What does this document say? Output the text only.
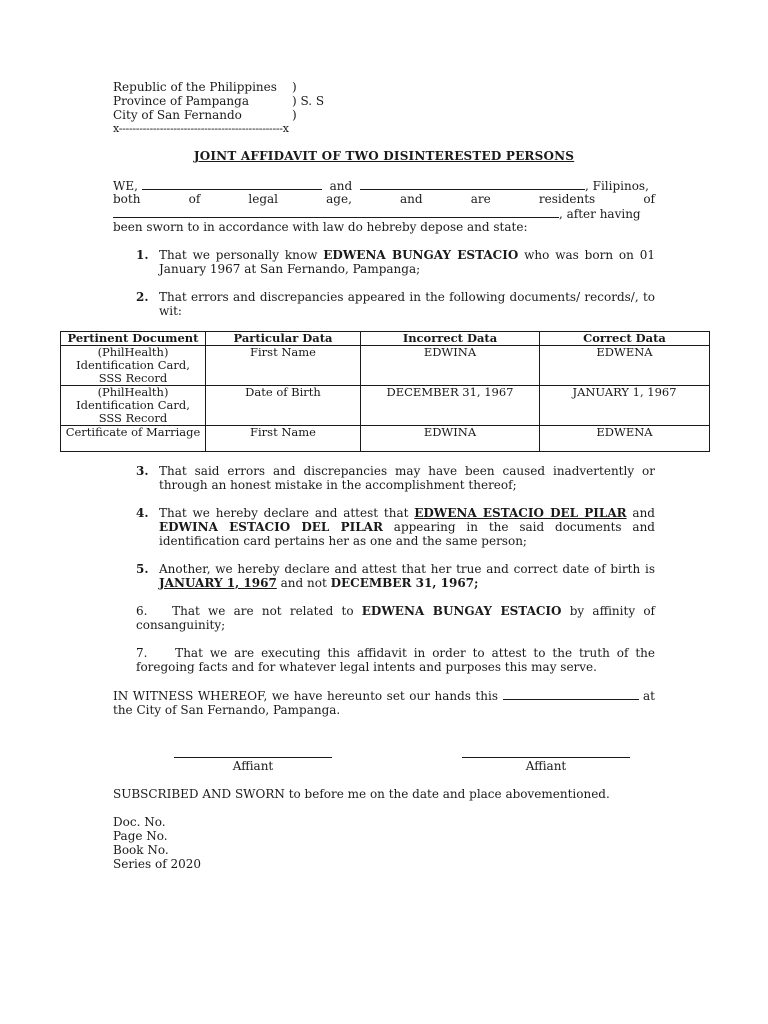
Republic of the Philippines )
Province of Pampanga	) S. S
City of San Fernando	)
x------------------------------------------------x
JOINT AFFIDAVIT OF TWO DISINTERESTED PERSONS
WE,	and	, Filipinos,
both of legal age, and are residents of
, after having
been sworn to in accordance with law do hebreby depose and state:
1. That we personally know EDWENA BUNGAY ESTACIO who was born on 01 January 1967 at San Fernando, Pampanga;
2. That errors and discrepancies appeared in the following documents/ records/, to wit:
Pertinent Document	Particular Data	Incorrect Data	Correct Data
(PhilHealth) Identification Card, SSS Record	First Name	EDWINA	EDWENA
(PhilHealth) Identification Card, SSS Record	Date of Birth	DECEMBER 31, 1967	JANUARY 1, 1967
Certificate of Marriage	First Name	EDWINA	EDWENA
3. That said errors and discrepancies may have been caused inadvertently or through an honest mistake in the accomplishment thereof;
4. That we hereby declare and attest that EDWENA ESTACIO DEL PILAR and EDWINA ESTACIO DEL PILAR appearing in the said documents and identification card pertains her as one and the same person;
5. Another, we hereby declare and attest that her true and correct date of birth is JANUARY 1, 1967 and not DECEMBER 31, 1967;
6.   That we are not related to EDWENA BUNGAY ESTACIO by affinity of consanguinity;
7.    That we are executing this affidavit in order to attest to the truth of the foregoing facts and for whatever legal intents and purposes this may serve.
IN WITNESS WHEREOF, we have hereunto set our hands this	at the City of San Fernando, Pampanga.
Affiant	Affiant
SUBSCRIBED AND SWORN to before me on the date and place abovementioned.
Doc. No.
Page No.
Book No.
Series of 2020
